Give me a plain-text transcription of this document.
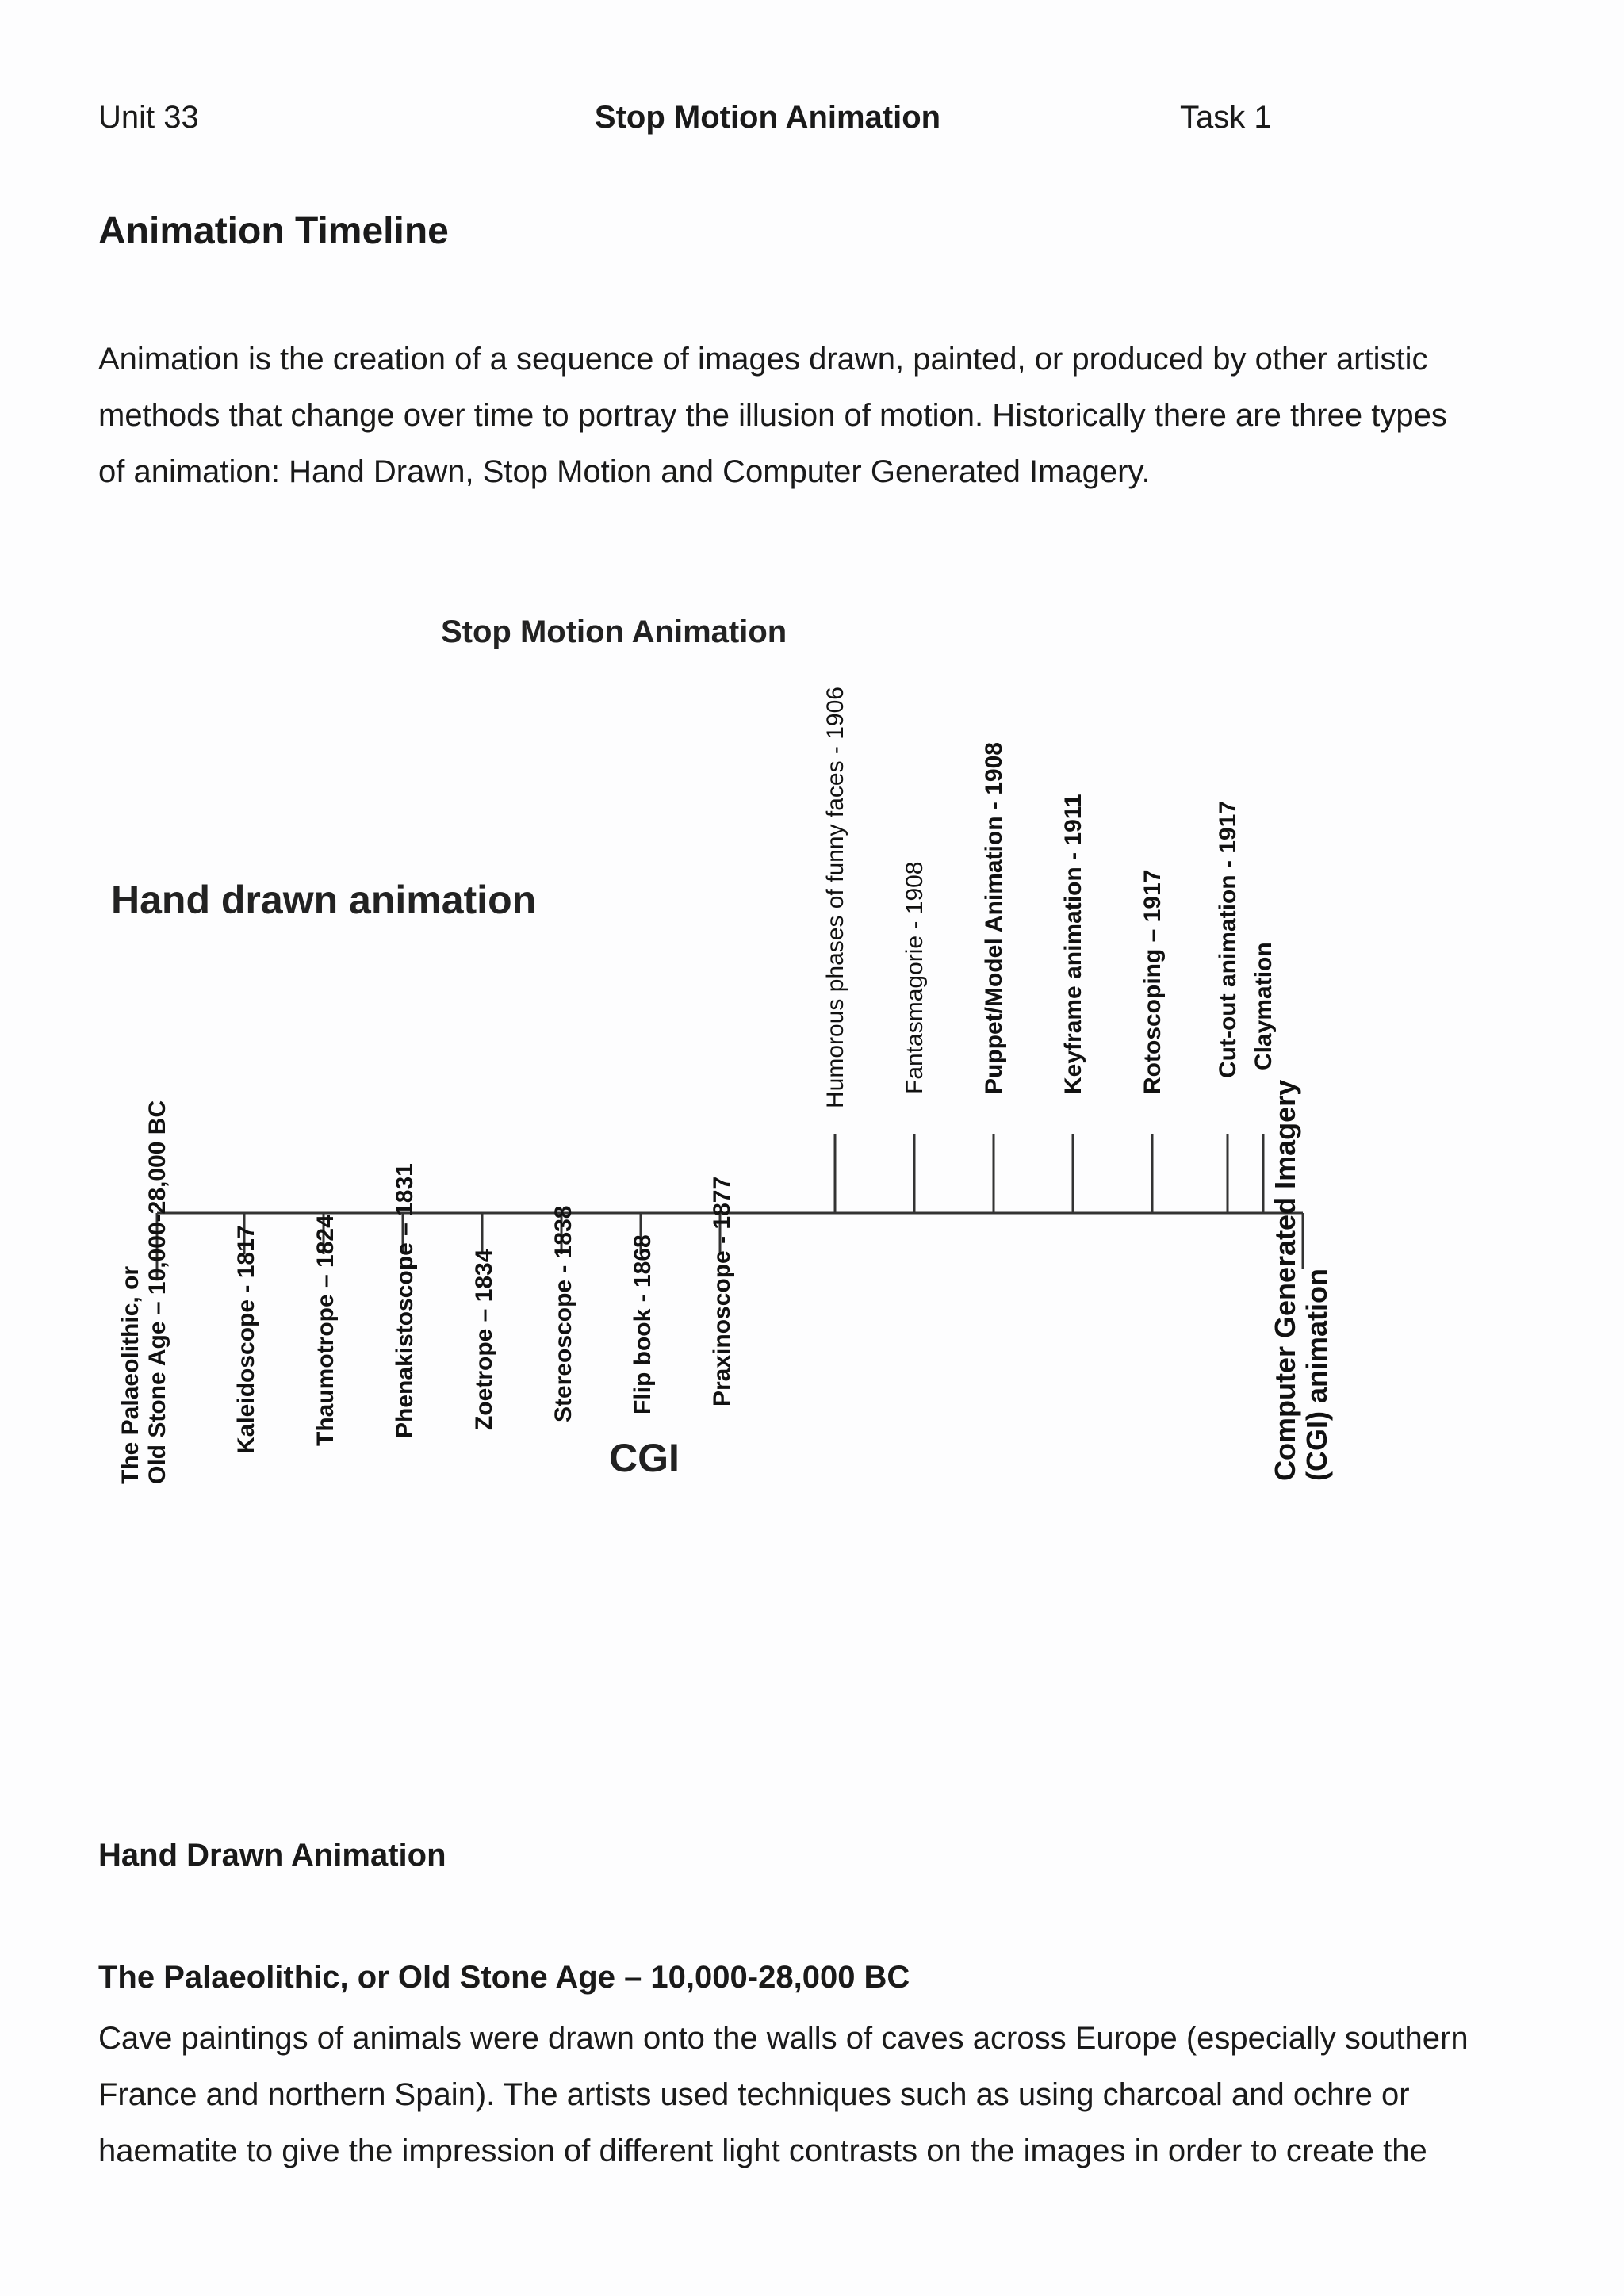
Unit 33	Stop Motion Animation	Task 1
Animation Timeline

Animation is the creation of a sequence of images drawn, painted, or produced by other artistic

methods that change over time to portray the illusion of motion. Historically there are three types

of animation: Hand Drawn, Stop Motion and Computer Generated Imagery.

Stop Motion Animation
Hand drawn animation
CGI
The Palaeolithic, or Old Stone Age – 10,000-28,000 BC	Kaleidoscope - 1817 Thaumotrope – 1824 Phenakistoscope – 1831 Zoetrope – 1834 Stereoscope - 1838 Flip book - 1868 Praxinoscope - 1877
Humorous phases of funny faces - 1906 Fantasmagorie - 1908 Puppet/Model Animation - 1908 Keyframe animation - 1911 Rotoscoping – 1917 Cut-out animation - 1917 Claymation
Computer Generated Imagery (CGI) animation
Hand Drawn Animation
The Palaeolithic, or Old Stone Age – 10,000-28,000 BC

Cave paintings of animals were drawn onto the walls of caves across Europe (especially southern

France and northern Spain). The artists used techniques such as using charcoal and ochre or

haematite to give the impression of different light contrasts on the images in order to create the
